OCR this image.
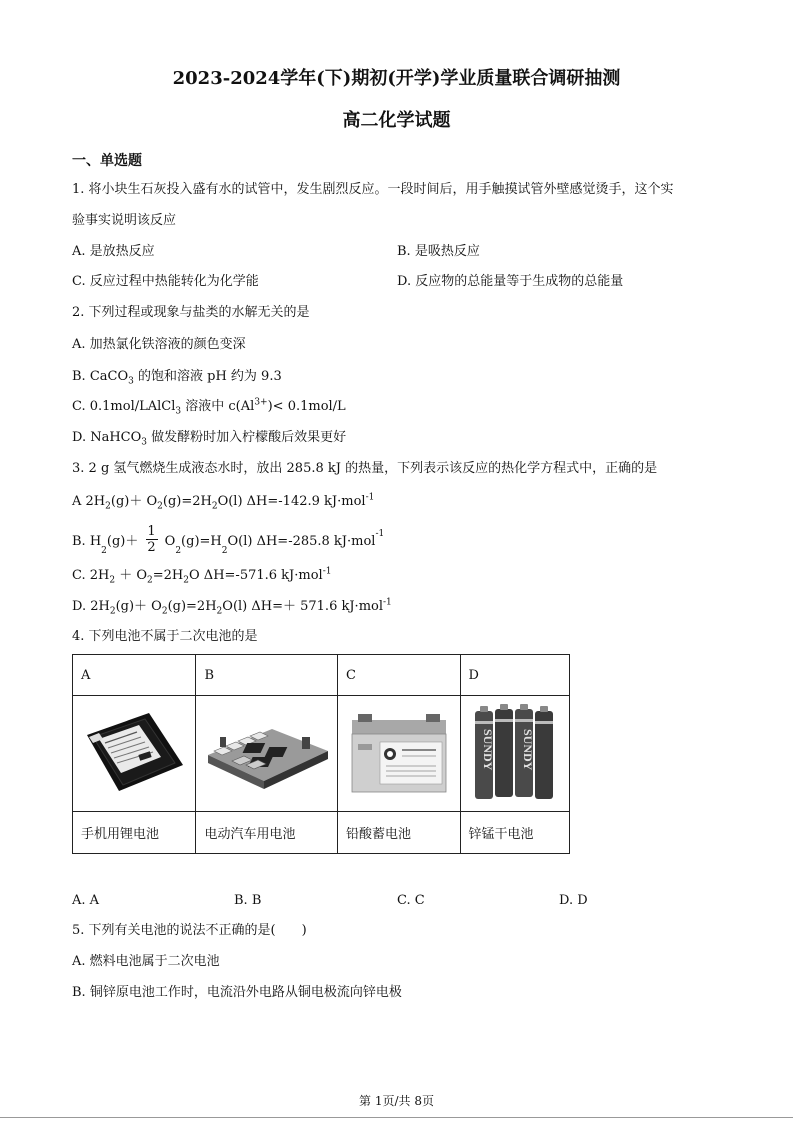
2023-2024学年(下)期初(开学)学业质量联合调研抽测
高二化学试题
一、单选题
1. 将小块生石灰投入盛有水的试管中，发生剧烈反应。一段时间后，用手触摸试管外壁感觉烫手，这个实
验事实说明该反应
A. 是放热反应	B. 是吸热反应
C. 反应过程中热能转化为化学能	D. 反应物的总能量等于生成物的总能量
2. 下列过程或现象与盐类的水解无关的是
A. 加热氯化铁溶液的颜色变深
B. CaCO$_3$ 的饱和溶液 pH 约为 9.3
C. 0.1mol/LAlCl$_3$ 溶液中 $c(Al^{3+})< 0.1mol/L$
D. NaHCO$_3$ 做发酵粉时加入柠檬酸后效果更好
3. 2 g 氢气燃烧生成液态水时，放出 285.8 kJ 的热量，下列表示该反应的热化学方程式中，正确的是
A $2H_2(g)+ O_2(g)=2H_2O(l)$ ΔH=-142.9 kJ·mol$^{-1}$
B. $H_2(g)+ \frac{1}{2} O_2(g)=H_2O(l)$ ΔH=-285.8 kJ·mol$^{-1}$
C. $2H_2 + O_2=2H_2O$ ΔH=-571.6 kJ·mol$^{-1}$
D. $2H_2(g)+ O_2(g)=2H_2O(l)$ ΔH=＋ 571.6 kJ·mol$^{-1}$
4. 下列电池不属于二次电池的是
A	B	C	D

SUNDY SUNDY

手机用锂电池	电动汽车用电池	铅酸蓄电池	锌锰干电池
A. A	B. B	C. C	D. D
5. 下列有关电池的说法不正确的是(　　)
A. 燃料电池属于二次电池
B. 铜锌原电池工作时，电流沿外电路从铜电极流向锌电极
第 1页/共 8页
